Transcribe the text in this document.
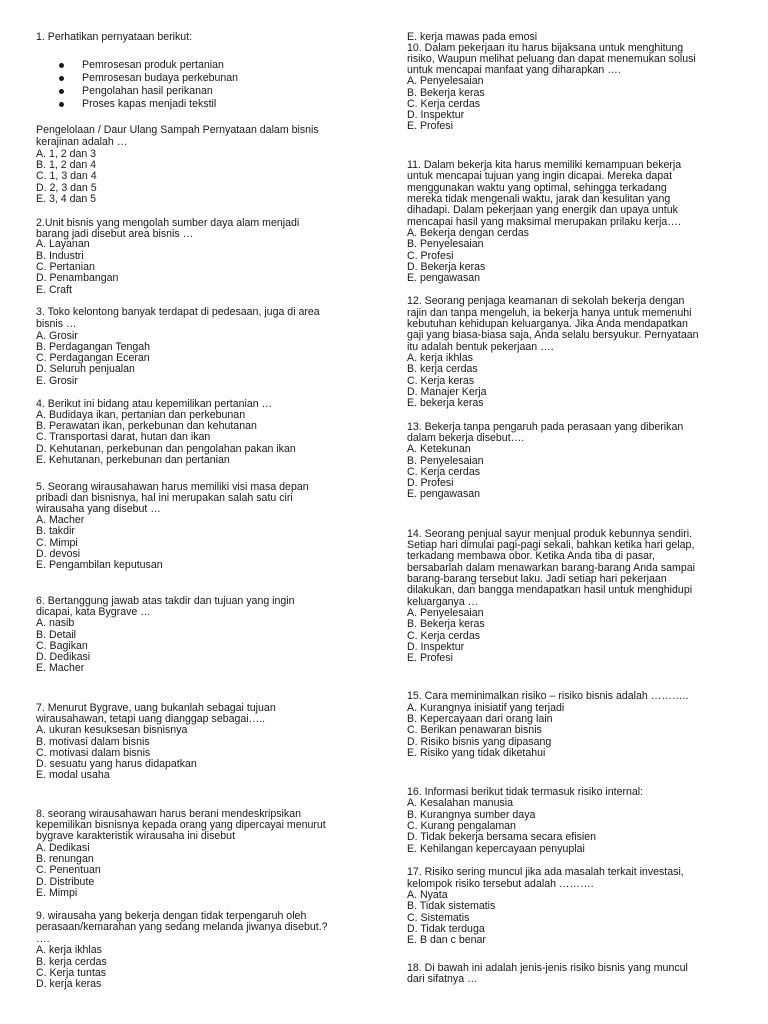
1. Perhatikan pernyataan berikut:
Pemrosesan produk pertanian
Pemrosesan budaya perkebunan
Pengolahan hasil perikanan
Proses kapas menjadi tekstil
Pengelolaan / Daur Ulang Sampah Pernyataan dalam bisnis
kerajinan adalah …
A. 1, 2 dan 3
B. 1, 2 dan 4
C. 1, 3 dan 4
D. 2, 3 dan 5
E. 3, 4 dan 5
2.Unit bisnis yang mengolah sumber daya alam menjadi
barang jadi disebut area bisnis …
A. Layanan
B. Industri
C. Pertanian
D. Penambangan
E. Craft
3. Toko kelontong banyak terdapat di pedesaan, juga di area
bisnis …
A. Grosir
B. Perdagangan Tengah
C. Perdagangan Eceran
D. Seluruh penjualan
E. Grosir
4. Berikut ini bidang atau kepemilikan pertanian …
A. Budidaya ikan, pertanian dan perkebunan
B. Perawatan ikan, perkebunan dan kehutanan
C. Transportasi darat, hutan dan ikan
D. Kehutanan, perkebunan dan pengolahan pakan ikan
E. Kehutanan, perkebunan dan pertanian
5. Seorang wirausahawan harus memiliki visi masa depan
pribadi dan bisnisnya, hal ini merupakan salah satu ciri
wirausaha yang disebut …
A. Macher
B. takdir
C. Mimpi
D. devosi
E. Pengambilan keputusan
6. Bertanggung jawab atas takdir dan tujuan yang ingin
dicapai, kata Bygrave …
A. nasib
B. Detail
C. Bagikan
D. Dedikasi
E. Macher
7. Menurut Bygrave, uang bukanlah sebagai tujuan
wirausahawan, tetapi uang dianggap sebagai…..
A. ukuran kesuksesan bisnisnya
B. motivasi dalam bisnis
C. motivasi dalam bisnis
D. sesuatu yang harus didapatkan
E. modal usaha
8. seorang wirausahawan harus berani mendeskripsikan
kepemilikan bisnisnya kepada orang yang dipercayai menurut
bygrave karakteristik wirausaha ini disebut
A. Dedikasi
B. renungan
C. Penentuan
D. Distribute
E. Mimpi
9. wirausaha yang bekerja dengan tidak terpengaruh oleh
perasaan/kemarahan yang sedang melanda jiwanya disebut.?
….
A. kerja ikhlas
B. kerja cerdas
C. Kerja tuntas
D. kerja keras
E. kerja mawas pada emosi
10. Dalam pekerjaan itu harus bijaksana untuk menghitung
risiko, Waupun melihat peluang dan dapat menemukan solusi
untuk mencapai manfaat yang diharapkan ….
A. Penyelesaian
B. Bekerja keras
C. Kerja cerdas
D. Inspektur
E. Profesi
11. Dalam bekerja kita harus memiliki kemampuan bekerja
untuk mencapai tujuan yang ingin dicapai. Mereka dapat
menggunakan waktu yang optimal, sehingga terkadang
mereka tidak mengenali waktu, jarak dan kesulitan yang
dihadapi. Dalam pekerjaan yang energik dan upaya untuk
mencapai hasil yang maksimal merupakan prilaku kerja….
A. Bekerja dengan cerdas
B. Penyelesaian
C. Profesi
D. Bekerja keras
E. pengawasan
12. Seorang penjaga keamanan di sekolah bekerja dengan
rajin dan tanpa mengeluh, ia bekerja hanya untuk memenuhi
kebutuhan kehidupan keluarganya. Jika Anda mendapatkan
gaji yang biasa-biasa saja, Anda selalu bersyukur. Pernyataan
itu adalah bentuk pekerjaan ….
A. kerja ikhlas
B. kerja cerdas
C. Kerja keras
D. Manajer Kerja
E. bekerja keras
13. Bekerja tanpa pengaruh pada perasaan yang diberikan
dalam bekerja disebut….
A. Ketekunan
B. Penyelesaian
C. Kerja cerdas
D. Profesi
E. pengawasan
14. Seorang penjual sayur menjual produk kebunnya sendiri.
Setiap hari dimulai pagi-pagi sekali, bahkan ketika hari gelap,
terkadang membawa obor. Ketika Anda tiba di pasar,
bersabarlah dalam menawarkan barang-barang Anda sampai
barang-barang tersebut laku. Jadi setiap hari pekerjaan
dilakukan, dan bangga mendapatkan hasil untuk menghidupi
keluarganya …
A. Penyelesaian
B. Bekerja keras
C. Kerja cerdas
D. Inspektur
E. Profesi
15. Cara meminimalkan risiko – risiko bisnis adalah ………..
A. Kurangnya inisiatif yang terjadi
B. Kepercayaan dari orang lain
C. Berikan penawaran bisnis
D. Risiko bisnis yang dipasang
E. Risiko yang tidak diketahui
16. Informasi berikut tidak termasuk risiko internal:
A. Kesalahan manusia
B. Kurangnya sumber daya
C. Kurang pengalaman
D. Tidak bekerja bersama secara efisien
E. Kehilangan kepercayaan penyuplai
17. Risiko sering muncul jika ada masalah terkait investasi,
kelompok risiko tersebut adalah ……….
A. Nyata
B. Tidak sistematis
C. Sistematis
D. Tidak terduga
E. B dan c benar
18. Di bawah ini adalah jenis-jenis risiko bisnis yang muncul
dari sifatnya …
